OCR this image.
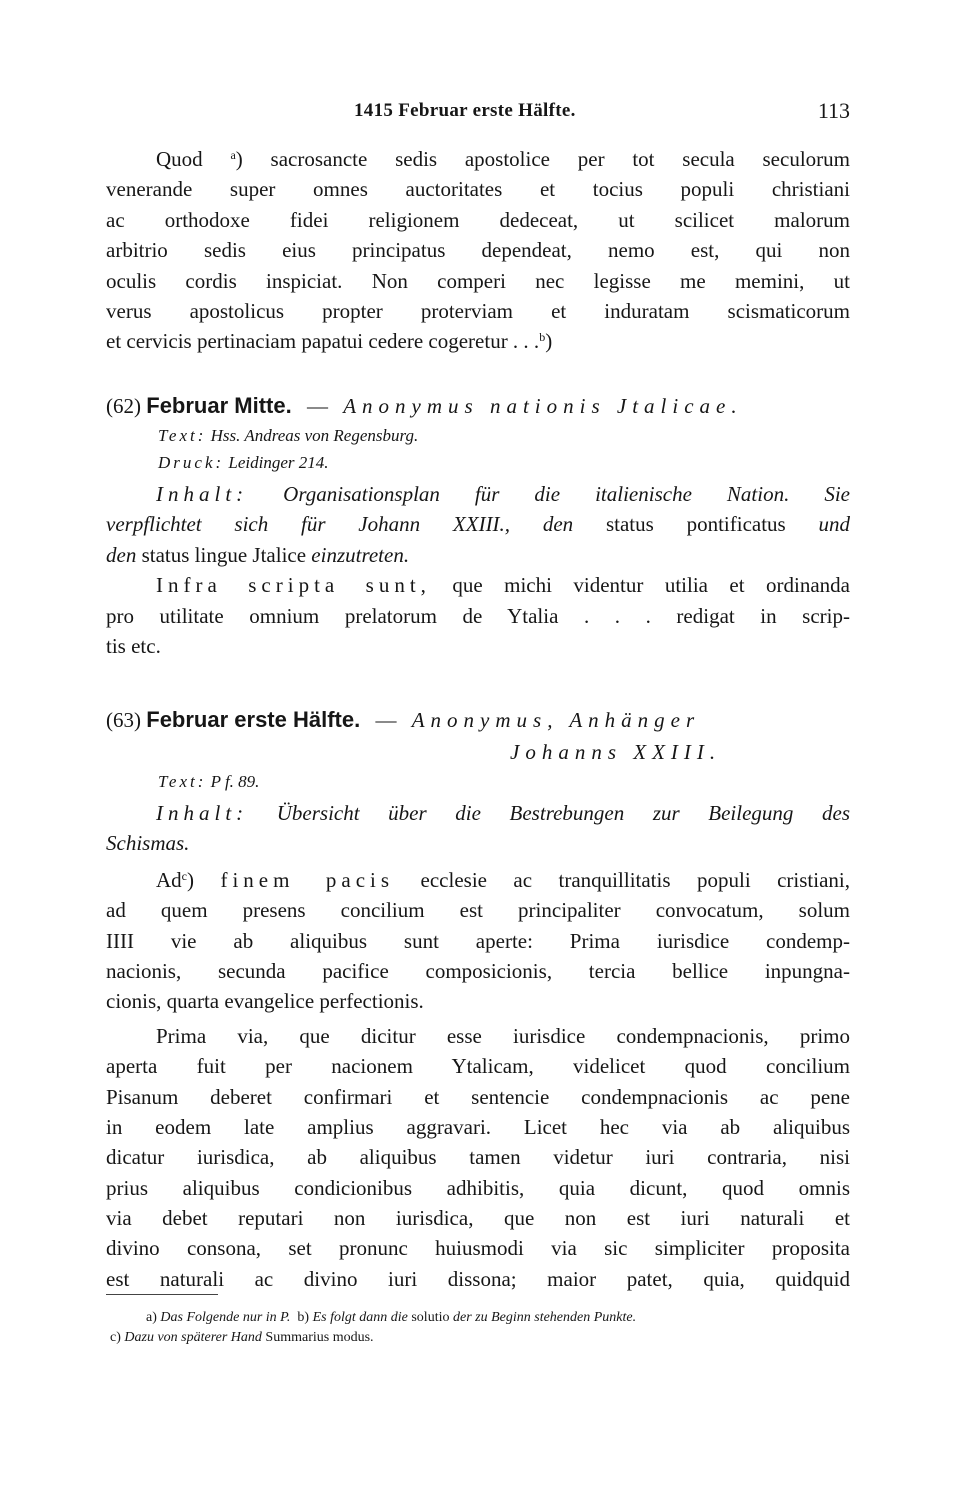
1415 Februar erste Hälfte.	113
Quod $^a$) sacrosancte sedis apostolice per tot secula seculorum
venerande super omnes auctoritates et tocius populi christiani
ac orthodoxe fidei religionem dedeceat, ut scilicet malorum
arbitrio sedis eius principatus dependeat, nemo est, qui non
oculis cordis inspiciat. Non comperi nec legisse me memini, ut
verus apostolicus propter proterviam et induratam scismaticorum
et cervicis pertinaciam papatui cedere cogeretur . . .$^b$)
(62) Februar Mitte. — Anonymus nationis Jtalicae.
Text: Hss. Andreas von Regensburg.
Druck: Leidinger 214.
Inhalt: Organisationsplan für die italienische Nation. Sie
verpflichtet sich für Johann XXIII., den status pontificatus und
den status lingue Jtalice einzutreten.
Infra scripta sunt, que michi videntur utilia et ordinanda
pro utilitate omnium prelatorum de Ytalia . . . redigat in scrip-
tis etc.
(63) Februar erste Hälfte. — Anonymus, Anhänger
Johanns XXIII.
Text: P f. 89.
Inhalt: Übersicht über die Bestrebungen zur Beilegung des
Schismas.
Ad$^c$) finem pacis ecclesie ac tranquillitatis populi cristiani,
ad quem presens concilium est principaliter convocatum, solum
IIII vie ab aliquibus sunt aperte: Prima iurisdice condemp-
nacionis, secunda pacifice composicionis, tercia bellice inpungna-
cionis, quarta evangelice perfectionis.
Prima via, que dicitur esse iurisdice condempnacionis, primo
aperta fuit per nacionem Ytalicam, videlicet quod concilium
Pisanum deberet confirmari et sentencie condempnacionis ac pene
in eodem late amplius aggravari. Licet hec via ab aliquibus
dicatur iurisdica, ab aliquibus tamen videtur iuri contraria, nisi
prius aliquibus condicionibus adhibitis, quia dicunt, quod omnis
via debet reputari non iurisdica, que non est iuri naturali et
divino consona, set pronunc huiusmodi via sic simpliciter proposita
est naturali ac divino iuri dissona; maior patet, quia, quidquid
a) Das Folgende nur in P. b) Es folgt dann die solutio der zu Beginn stehenden Punkte.
c) Dazu von späterer Hand Summarius modus.
